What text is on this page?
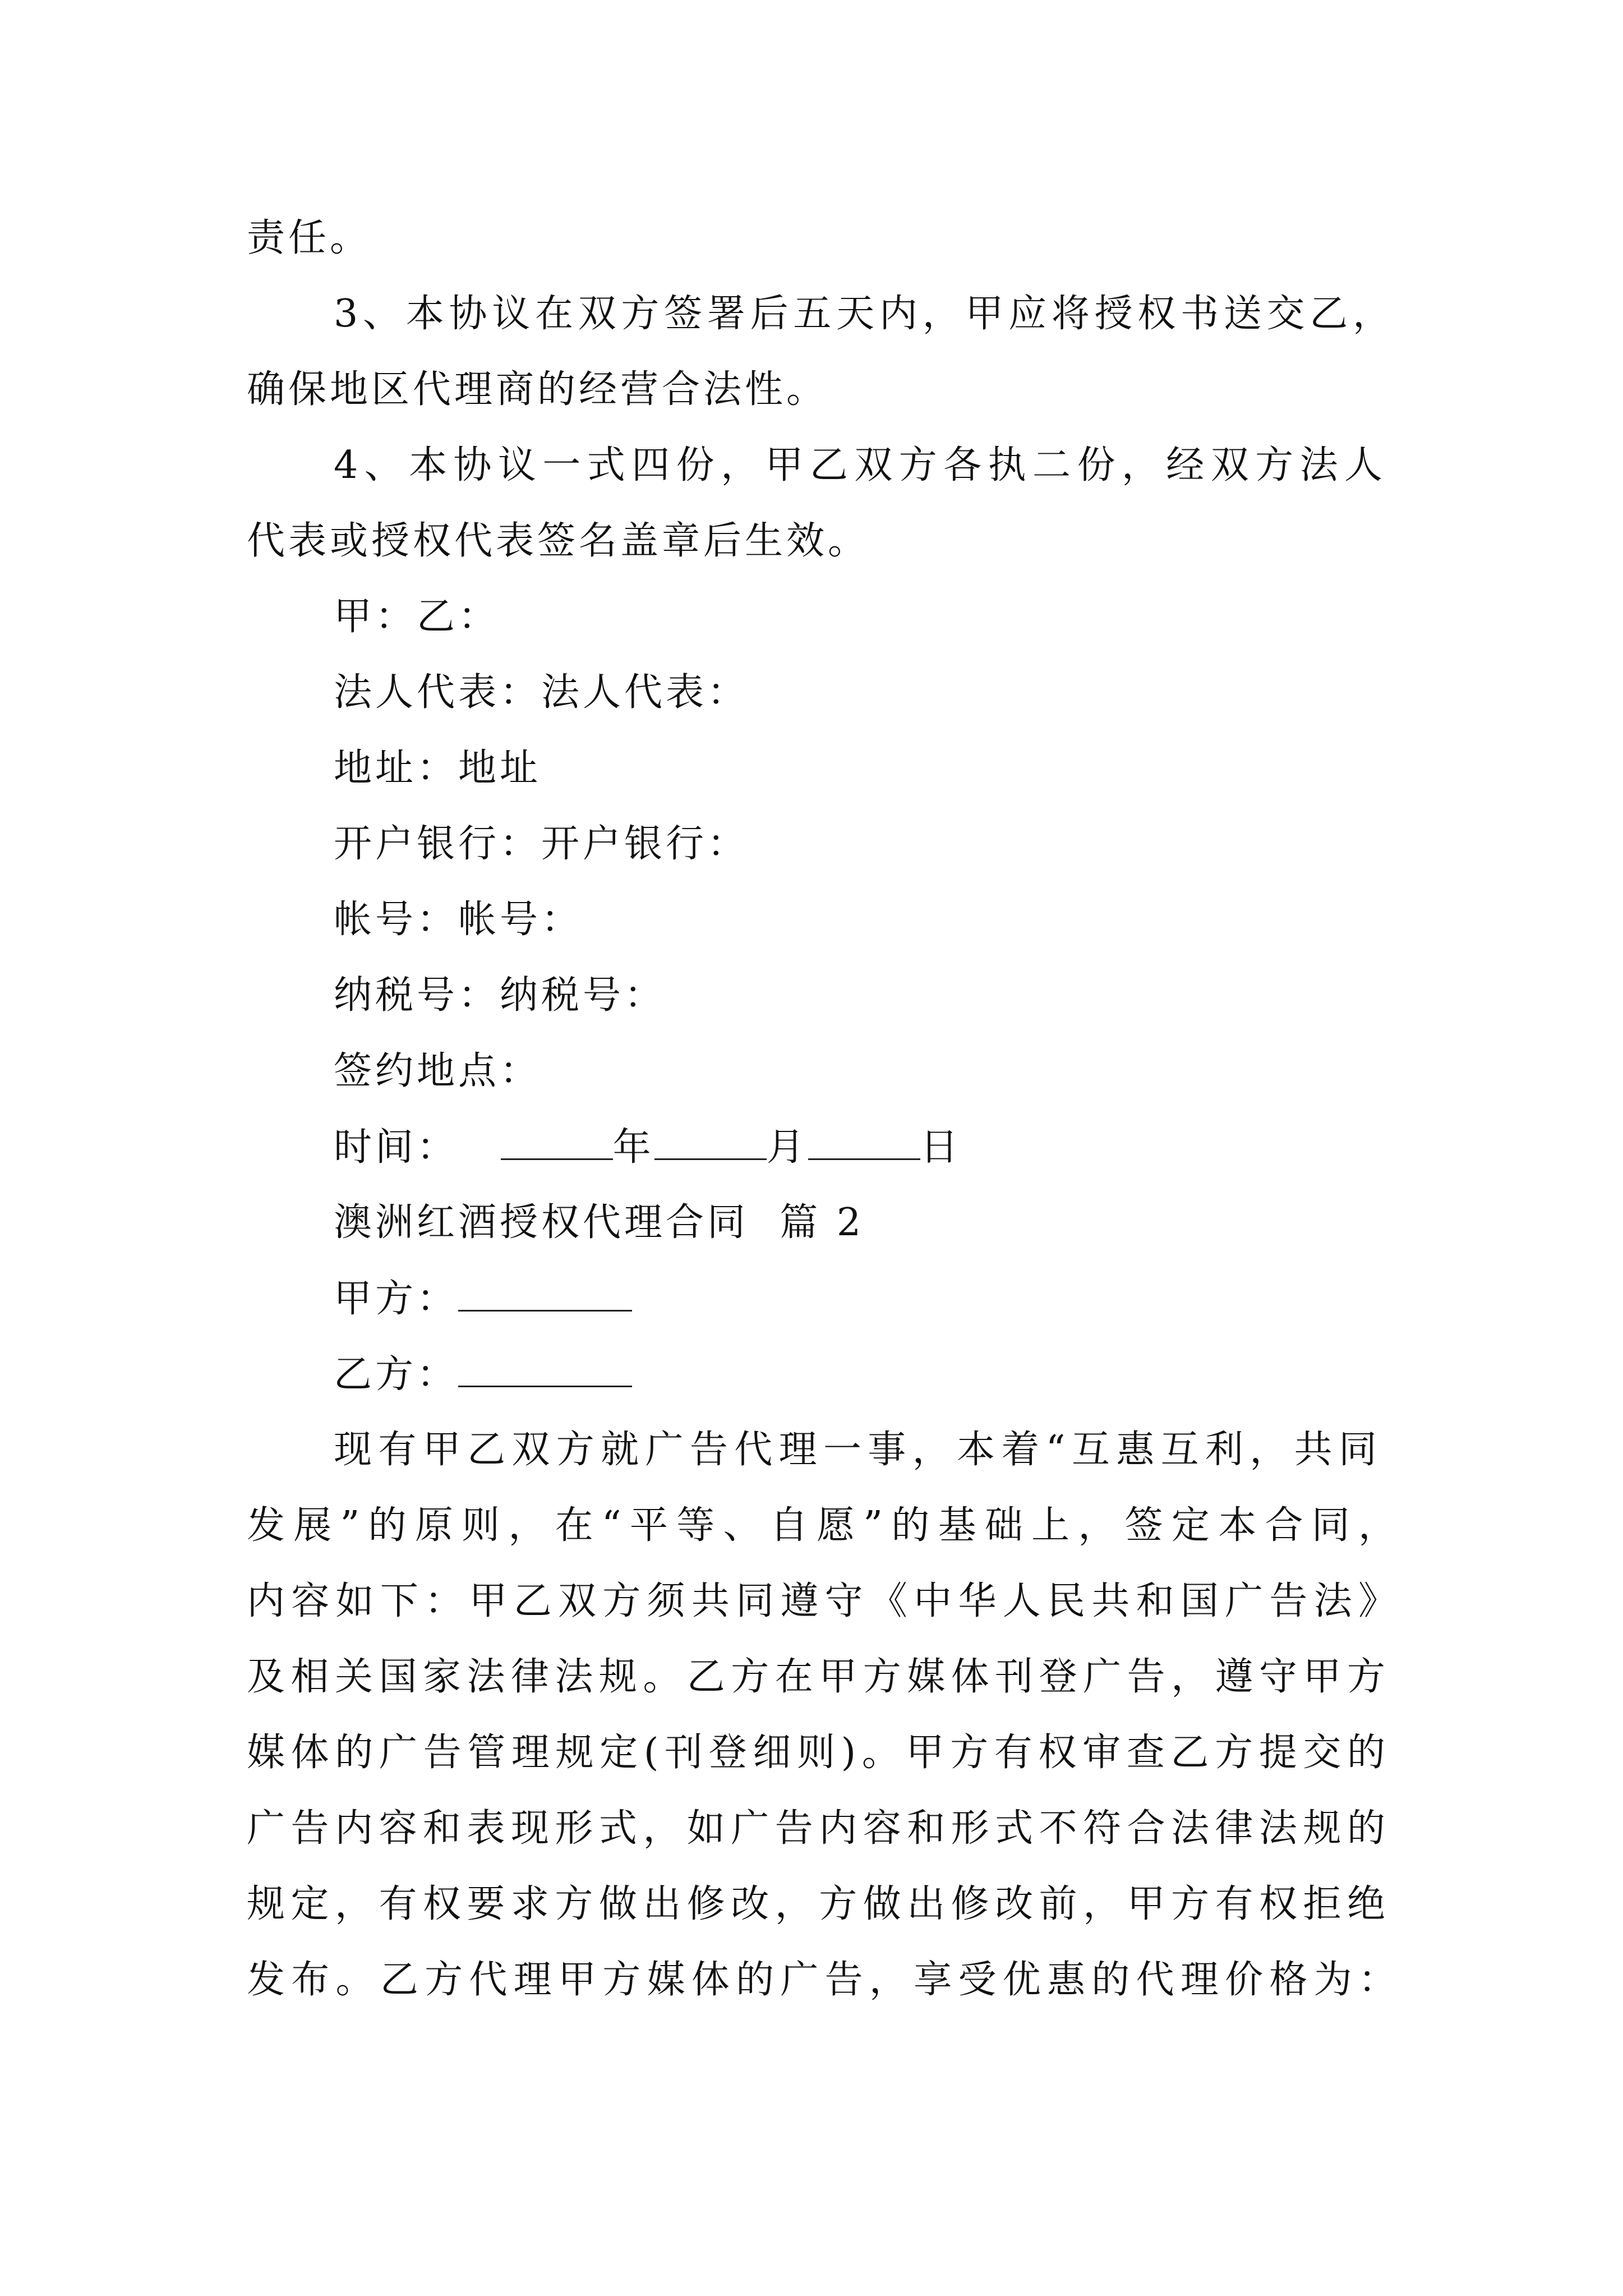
责任。
3、本协议在双方签署后五天内，甲应将授权书送交乙，
确保地区代理商的经营合法性。
4、本协议一式四份，甲乙双方各执二份，经双方法人
代表或授权代表签名盖章后生效。
甲：乙：
法人代表：法人代表：
地址：地址
开户银行：开户银行：
帐号：帐号：
纳税号：纳税号：
签约地点：
时间：	年	月	日
澳洲红酒授权代理合同  篇 2
甲方：
乙方：
现有甲乙双方就广告代理一事，本着“互惠互利，共同
发展”的原则，在“平等、自愿”的基础上，签定本合同，
内容如下：甲乙双方须共同遵守《中华人民共和国广告法》
及相关国家法律法规。乙方在甲方媒体刊登广告，遵守甲方
媒体的广告管理规定(刊登细则)。甲方有权审查乙方提交的
广告内容和表现形式，如广告内容和形式不符合法律法规的
规定，有权要求方做出修改，方做出修改前，甲方有权拒绝
发布。乙方代理甲方媒体的广告，享受优惠的代理价格为：
